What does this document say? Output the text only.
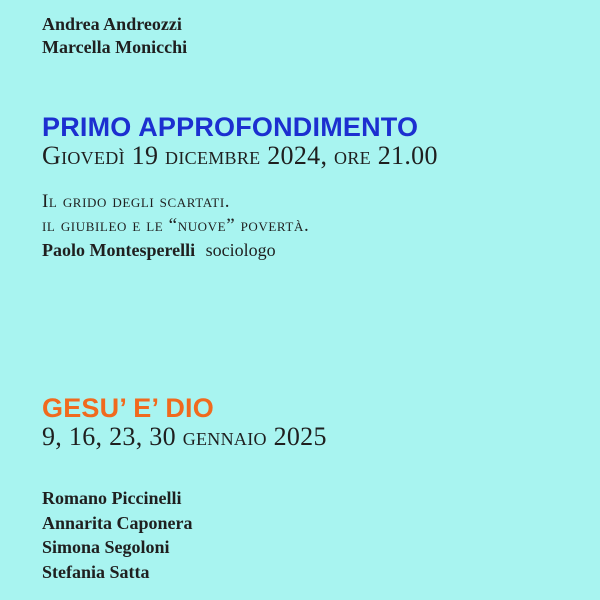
Andrea Andreozzi
Marcella Monicchi
PRIMO APPROFONDIMENTO
Giovedì 19 dicembre 2024, ore 21.00
Il grido degli scartati.
il giubileo e le “nuove” povertà.
Paolo Montesperelli sociologo
GESU’ E’ DIO
9, 16, 23, 30 gennaio 2025
Romano Piccinelli
Annarita Caponera
Simona Segoloni
Stefania Satta
